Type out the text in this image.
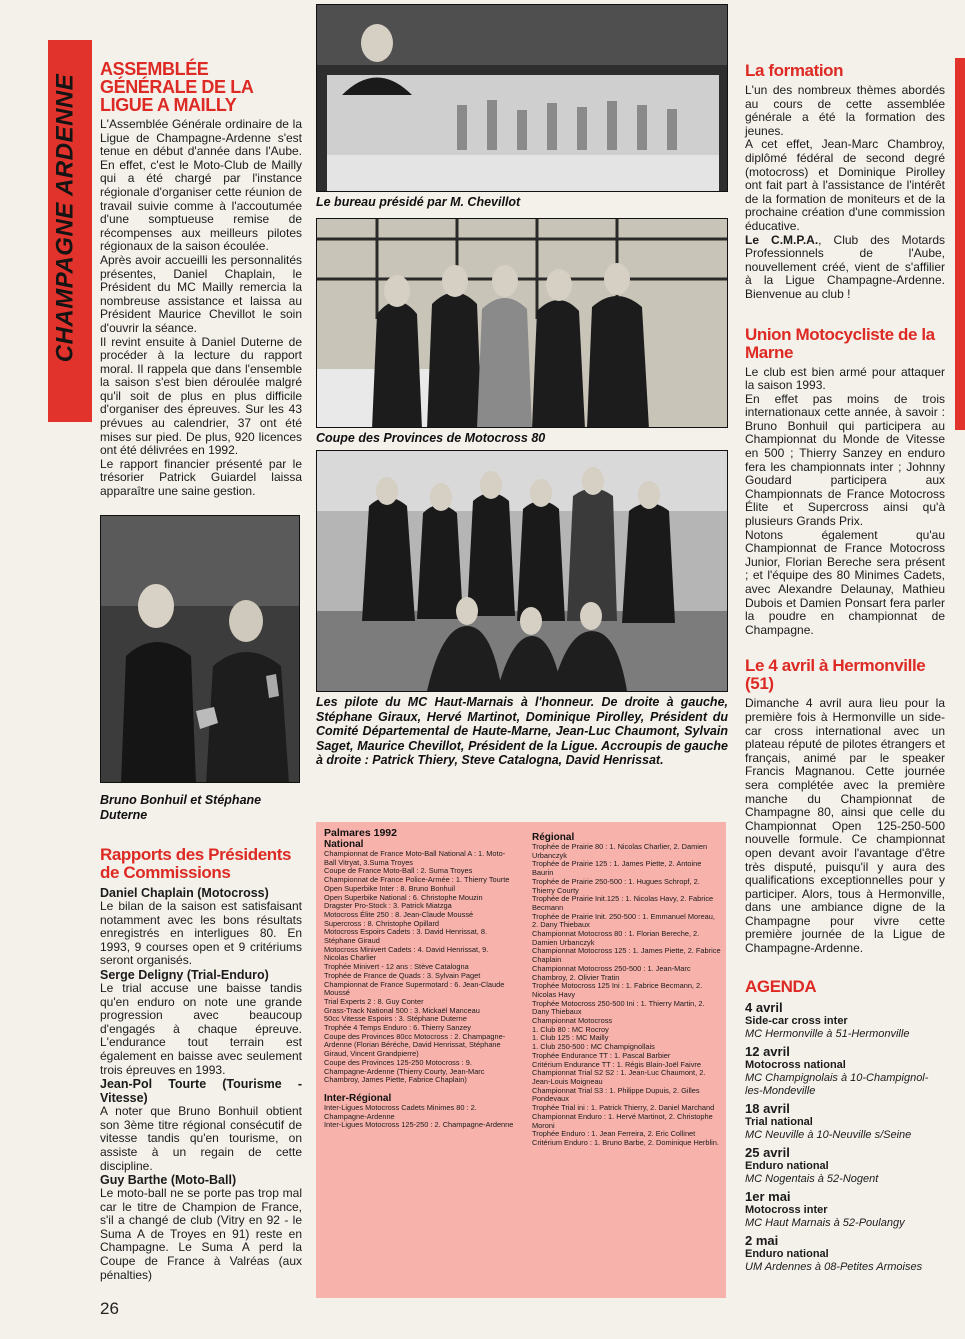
CHAMPAGNE ARDENNE
ASSEMBLÉE GÉNÉRALE DE LA LIGUE A MAILLY

L'Assemblée Générale ordinaire de la Ligue de Champagne-Ardenne s'est tenue en début d'année dans l'Aube. En effet, c'est le Moto-Club de Mailly qui a été chargé par l'instance régionale d'organiser cette réunion de travail suivie comme à l'accoutumée d'une somptueuse remise de récompenses aux meilleurs pilotes régionaux de la saison écoulée.

Après avoir accueilli les personnalités présentes, Daniel Chaplain, le Président du MC Mailly remercia la nombreuse assistance et laissa au Président Maurice Chevillot le soin d'ouvrir la séance.

Il revint ensuite à Daniel Duterne de procéder à la lecture du rapport moral. Il rappela que dans l'ensemble la saison s'est bien déroulée malgré qu'il soit de plus en plus difficile d'organiser des épreuves. Sur les 43 prévues au calendrier, 37 ont été mises sur pied. De plus, 920 licences ont été délivrées en 1992.

Le rapport financier présenté par le trésorier Patrick Guiardel laissa apparaître une saine gestion.

Bruno Bonhuil et Stéphane Duterne
Rapports des Présidents de Commissions
Daniel Chaplain (Motocross)

Le bilan de la saison est satisfaisant notamment avec les bons résultats enregistrés en interligues 80. En 1993, 9 courses open et 9 critériums seront organisés.

Serge Deligny (Trial-Enduro)

Le trial accuse une baisse tandis qu'en enduro on note une grande progression avec beaucoup d'engagés à chaque épreuve. L'endurance tout terrain est également en baisse avec seulement trois épreuves en 1993.

Jean-Pol Tourte (Tourisme - Vitesse)

A noter que Bruno Bonhuil obtient son 3ème titre régional consécutif de vitesse tandis qu'en tourisme, on assiste à un regain de cette discipline.

Guy Barthe (Moto-Ball)

Le moto-ball ne se porte pas trop mal car le titre de Champion de France, s'il a changé de club (Vitry en 92 - le Suma A de Troyes en 91) reste en Champagne. Le Suma A perd la Coupe de France à Valréas (aux pénalties)

Le bureau présidé par M. Chevillot
Coupe des Provinces de Motocross 80
Les pilote du MC Haut-Marnais à l'honneur. De droite à gauche, Stéphane Giraux, Hervé Martinot, Dominique Pirolley, Président du Comité Départemental de Haute-Marne, Jean-Luc Chaumont, Sylvain Saget, Maurice Chevillot, Président de la Ligue. Accroupis de gauche à droite : Patrick Thiery, Steve Catalogna, David Henrissat.
Palmares 1992
National
Championnat de France Moto-Ball National A : 1. Moto-Ball Vitryat, 3.Suma Troyes
Coupe de France Moto-Ball : 2. Suma Troyes
Championnat de France Police-Armée : 1. Thierry Tourte
Open Superbike Inter : 8. Bruno Bonhuil
Open Superbike National : 6. Christophe Mouzin
Dragster Pro-Stock : 3. Patrick Miatzga
Motocross Élite 250 : 8. Jean-Claude Moussé
Supercross : 8. Christophe Opillard
Motocross Espoirs Cadets : 3. David Henrissat, 8. Stéphane Giraud
Motocross Minivert Cadets : 4. David Henrissat, 9. Nicolas Charlier
Trophée Minivert - 12 ans : Stève Catalogna
Trophée de France de Quads : 3. Sylvain Paget
Championnat de France Supermotard : 6. Jean-Claude Moussé
Trial Experts 2 : 8. Guy Conter
Grass-Track National 500 : 3. Mickaël Manceau
50cc Vitesse Espoirs : 3. Stéphane Duterne
Trophée 4 Temps Enduro : 6. Thierry Sanzey
Coupe des Provinces 80cc Motocross : 2. Champagne-Ardenne (Florian Béréche, David Henrissat, Stéphane Giraud, Vincent Grandpierre)
Coupe des Provinces 125-250 Motocross : 9. Champagne-Ardenne (Thierry Courty, Jean-Marc Chambroy, James Piette, Fabrice Chaplain)
Inter-Régional
Inter-Ligues Motocross Cadets Minimes 80 : 2. Champagne-Ardenne
Inter-Ligues Motocross 125-250 : 2. Champagne-Ardenne
Régional
Trophée de Prairie 80 : 1. Nicolas Charlier, 2. Damien Urbanczyk
Trophée de Prairie 125 : 1. James Piette, 2. Antoine Baurin
Trophée de Prairie 250-500 : 1. Hugues Schropf, 2. Thierry Courty
Trophée de Prairie Init.125 : 1. Nicolas Havy, 2. Fabrice Becmann
Trophée de Prairie Init. 250-500 : 1. Emmanuel Moreau, 2. Dany Thiebaux
Championnat Motocross 80 : 1. Florian Bereche, 2. Damien Urbanczyk
Championnat Motocross 125 : 1. James Piette, 2. Fabrice Chaplain
Championnat Motocross 250-500 : 1. Jean-Marc Chambroy, 2. Olivier Tratin
Trophée Motocross 125 Ini : 1. Fabrice Becmann, 2. Nicolas Havy
Trophée Motocross 250-500 Ini : 1. Thierry Martin, 2. Dany Thiebaux
Championnat Motocross
1. Club 80 : MC Rocroy
1. Club 125 : MC Mailly
1. Club 250-500 : MC Champignollais
Trophée Endurance TT : 1. Pascal Barbier
Critérium Endurance TT : 1. Régis Blain-Joël Faivre
Championnat Trial S2 S2 : 1. Jean-Luc Chaumont, 2. Jean-Louis Moigneau
Championnat Trial S3 : 1. Philippe Dupuis, 2. Gilles Pondevaux
Trophée Trial ini : 1. Patrick Thierry, 2. Daniel Marchand
Championnat Enduro : 1. Hervé Martinot, 2. Christophe Moroni
Trophée Enduro : 1. Jean Ferreira, 2. Eric Collinet
Critérium Enduro : 1. Bruno Barbe, 2. Dominique Herblin.
La formation

L'un des nombreux thèmes abordés au cours de cette assemblée générale a été la formation des jeunes.

A cet effet, Jean-Marc Chambroy, diplômé fédéral de second degré (motocross) et Dominique Pirolley ont fait part à l'assistance de l'intérêt de la formation de moniteurs et de la prochaine création d'une commission éducative.

Le C.M.P.A., Club des Motards Professionnels de l'Aube, nouvellement créé, vient de s'affilier à la Ligue Champagne-Ardenne. Bienvenue au club !

Union Motocycliste de la Marne

Le club est bien armé pour attaquer la saison 1993.

En effet pas moins de trois internationaux cette année, à savoir : Bruno Bonhuil qui participera au Championnat du Monde de Vitesse en 500 ; Thierry Sanzey en enduro fera les championnats inter ; Johnny Goudard participera aux Championnats de France Motocross Élite et Supercross ainsi qu'à plusieurs Grands Prix.

Notons également qu'au Championnat de France Motocross Junior, Florian Bereche sera présent ; et l'équipe des 80 Minimes Cadets, avec Alexandre Delaunay, Mathieu Dubois et Damien Ponsart fera parler la poudre en championnat de Champagne.

Le 4 avril à Hermonville (51)

Dimanche 4 avril aura lieu pour la première fois à Hermonville un side-car cross international avec un plateau réputé de pilotes étrangers et français, animé par le speaker Francis Magnanou. Cette journée sera complétée avec la première manche du Championnat de Champagne 80, ainsi que celle du Championnat Open 125-250-500 nouvelle formule. Ce championnat open devant avoir l'avantage d'être très disputé, puisqu'il y aura des qualifications exceptionnelles pour y participer. Alors, tous à Hermonville, dans une ambiance digne de la Champagne pour vivre cette première journée de la Ligue de Champagne-Ardenne.

AGENDA
4 avril
Side-car cross inter
MC Hermonville à 51-Hermonville
12 avril
Motocross national
MC Champignolais à 10-Champignol-les-Mondeville
18 avril
Trial national
MC Neuville à 10-Neuville s/Seine
25 avril
Enduro national
MC Nogentais à 52-Nogent
1er mai
Motocross inter
MC Haut Marnais à 52-Poulangy
2 mai
Enduro national
UM Ardennes à 08-Petites Armoises
26
